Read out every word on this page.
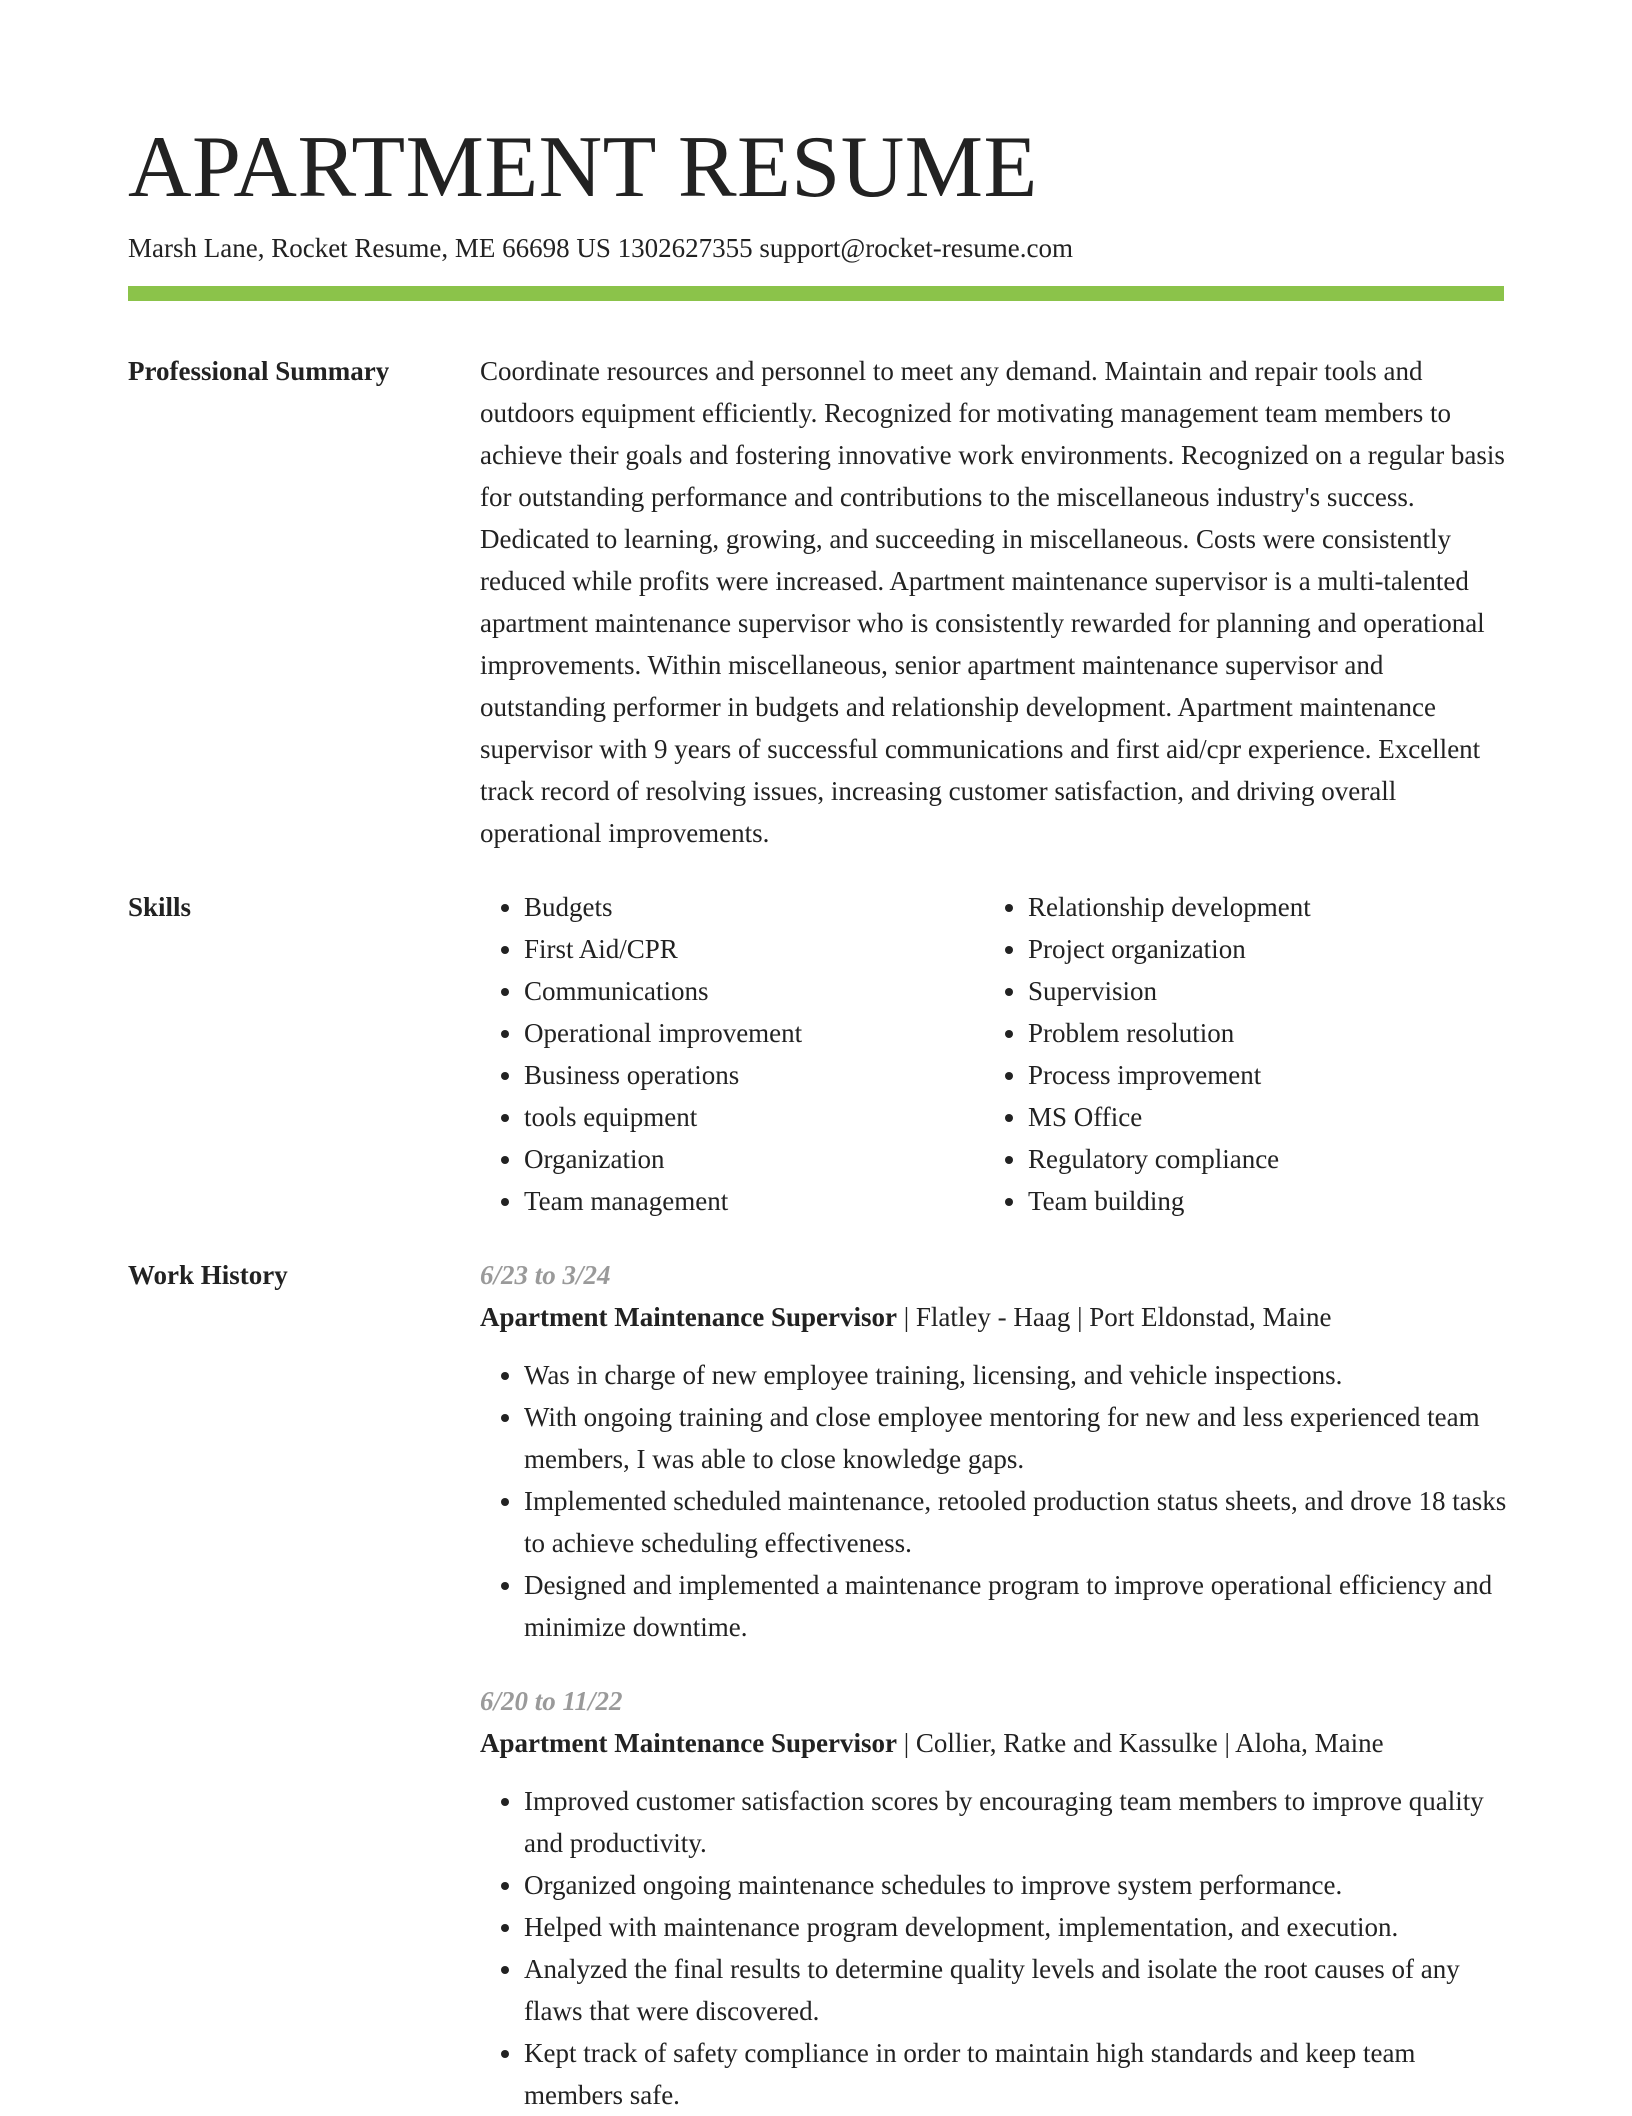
APARTMENT RESUME

Marsh Lane, Rocket Resume, ME 66698 US 1302627355 support@rocket-resume.com

Professional Summary	Coordinate resources and personnel to meet any demand. Maintain and repair tools and outdoors equipment efficiently. Recognized for motivating management team members to achieve their goals and fostering innovative work environments. Recognized on a regular basis for outstanding performance and contributions to the miscellaneous industry's success. Dedicated to learning, growing, and succeeding in miscellaneous. Costs were consistently reduced while profits were increased. Apartment maintenance supervisor is a multi-talented apartment maintenance supervisor who is consistently rewarded for planning and operational improvements. Within miscellaneous, senior apartment maintenance supervisor and outstanding performer in budgets and relationship development. Apartment maintenance supervisor with 9 years of successful communications and first aid/cpr experience. Excellent track record of resolving issues, increasing customer satisfaction, and driving overall operational improvements.

Skills
•	Budgets
• First Aid/CPR
• Communications
• Operational improvement
• Business operations
• tools equipment
• Organization
• Team management
• Relationship development
• Project organization
• Supervision
• Problem resolution
• Process improvement
• MS Office
• Regulatory compliance
• Team building
Work History	6/23 to 3/24
Apartment Maintenance Supervisor | Flatley - Haag | Port Eldonstad, Maine
• Was in charge of new employee training, licensing, and vehicle inspections.
• With ongoing training and close employee mentoring for new and less experienced team members, I was able to close knowledge gaps.
• Implemented scheduled maintenance, retooled production status sheets, and drove 18 tasks to achieve scheduling effectiveness.
• Designed and implemented a maintenance program to improve operational efficiency and minimize downtime.
6/20 to 11/22
Apartment Maintenance Supervisor | Collier, Ratke and Kassulke | Aloha, Maine
• Improved customer satisfaction scores by encouraging team members to improve quality and productivity.
• Organized ongoing maintenance schedules to improve system performance.
• Helped with maintenance program development, implementation, and execution.
• Analyzed the final results to determine quality levels and isolate the root causes of any flaws that were discovered.
• Kept track of safety compliance in order to maintain high standards and keep team members safe.
